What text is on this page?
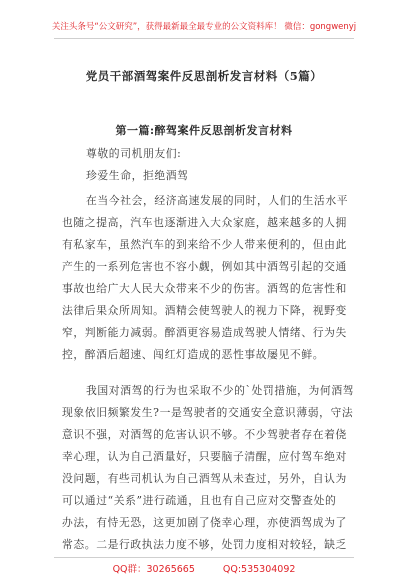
关注头条号“公文研究”，获得最新最全最专业的公文资料库！ 微信：gongwenyj
党员干部酒驾案件反思剖析发言材料（5篇）
第一篇:醉驾案件反思剖析发言材料
尊敬的司机朋友们:
珍爱生命，拒绝酒驾
在当今社会，经济高速发展的同时，人们的生活水平
也随之提高，汽车也逐渐进入大众家庭，越来越多的人拥
有私家车，虽然汽车的到来给不少人带来便利的，但由此
产生的一系列危害也不容小觑，例如其中酒驾引起的交通
事故也给广大人民大众带来不少的伤害。酒驾的危害性和
法律后果众所周知。酒精会使驾驶人的视力下降，视野变
窄，判断能力减弱。醉酒更容易造成驾驶人情绪、行为失
控，醉酒后超速、闯红灯造成的恶性事故屡见不鲜。
我国对酒驾的行为也采取不少的`处罚措施，为何酒驾
现象依旧频繁发生?一是驾驶者的交通安全意识薄弱，守法
意识不强，对酒驾的危害认识不够。不少驾驶者存在着侥
幸心理，认为自己酒量好，只要脑子清醒，应付驾车绝对
没问题，有些司机认为自己酒驾从未查过，另外，自认为
可以通过“关系”进行疏通，且也有自己应对交警查处的
办法，有恃无恐，这更加剧了侥幸心理，亦使酒驾成为了
常态。二是行政执法力度不够，处罚力度相对较轻，缺乏
QQ群：30265665	QQ:535304092
